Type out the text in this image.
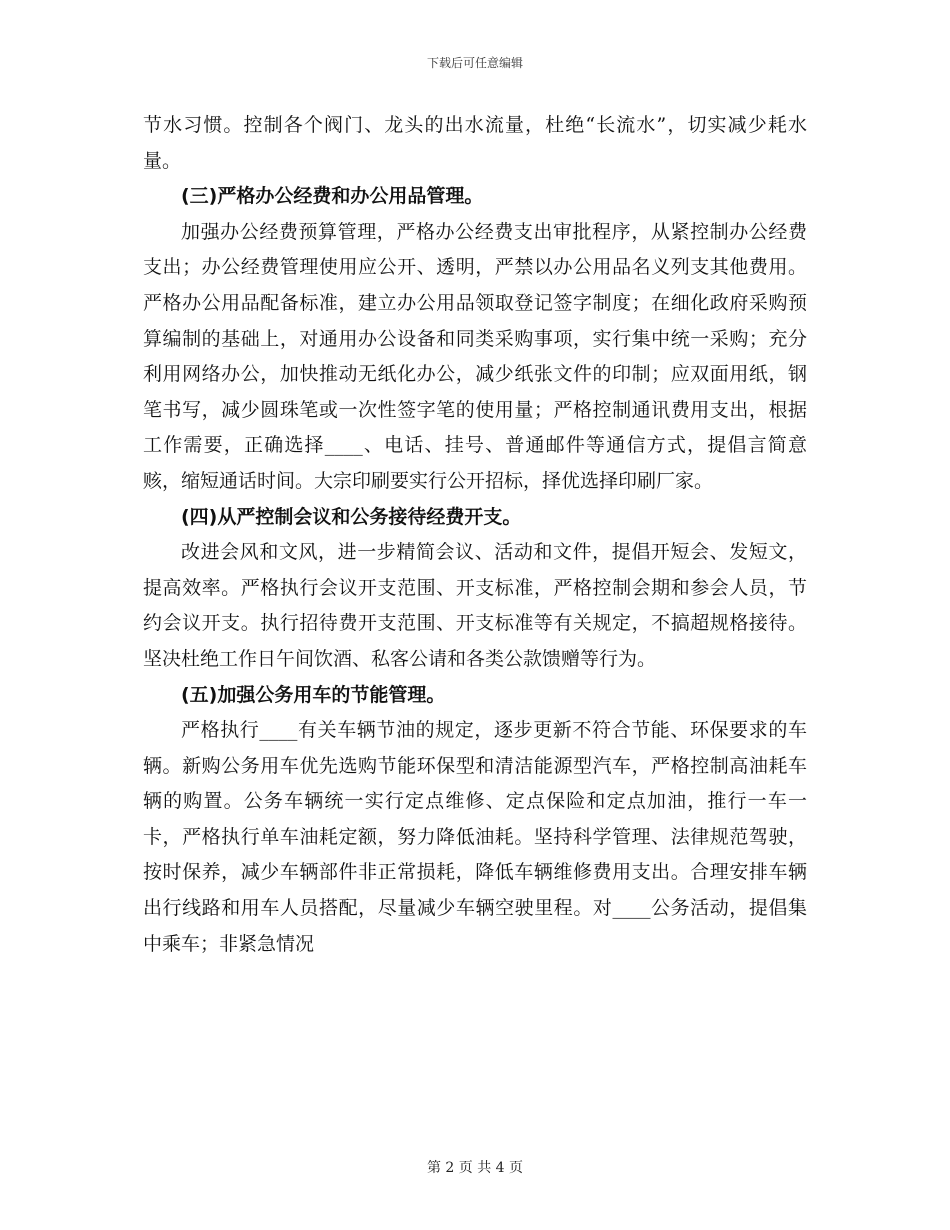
下载后可任意编辑

节水习惯。控制各个阀门、龙头的出水流量，杜绝“长流水”，切实减少耗水量。

(三)严格办公经费和办公用品管理。

加强办公经费预算管理，严格办公经费支出审批程序，从紧控制办公经费支出；办公经费管理使用应公开、透明，严禁以办公用品名义列支其他费用。严格办公用品配备标准，建立办公用品领取登记签字制度；在细化政府采购预算编制的基础上，对通用办公设备和同类采购事项，实行集中统一采购；充分利用网络办公，加快推动无纸化办公，减少纸张文件的印制；应双面用纸，钢笔书写，减少圆珠笔或一次性签字笔的使用量；严格控制通讯费用支出，根据工作需要，正确选择____、电话、挂号、普通邮件等通信方式，提倡言简意赅，缩短通话时间。大宗印刷要实行公开招标，择优选择印刷厂家。

(四)从严控制会议和公务接待经费开支。

改进会风和文风，进一步精简会议、活动和文件，提倡开短会、发短文，提高效率。严格执行会议开支范围、开支标准，严格控制会期和参会人员，节约会议开支。执行招待费开支范围、开支标准等有关规定，不搞超规格接待。坚决杜绝工作日午间饮酒、私客公请和各类公款馈赠等行为。

(五)加强公务用车的节能管理。

严格执行____有关车辆节油的规定，逐步更新不符合节能、环保要求的车辆。新购公务用车优先选购节能环保型和清洁能源型汽车，严格控制高油耗车辆的购置。公务车辆统一实行定点维修、定点保险和定点加油，推行一车一卡，严格执行单车油耗定额，努力降低油耗。坚持科学管理、法律规范驾驶，按时保养，减少车辆部件非正常损耗，降低车辆维修费用支出。合理安排车辆出行线路和用车人员搭配，尽量减少车辆空驶里程。对____公务活动，提倡集中乘车；非紧急情况

第 2 页 共 4 页
